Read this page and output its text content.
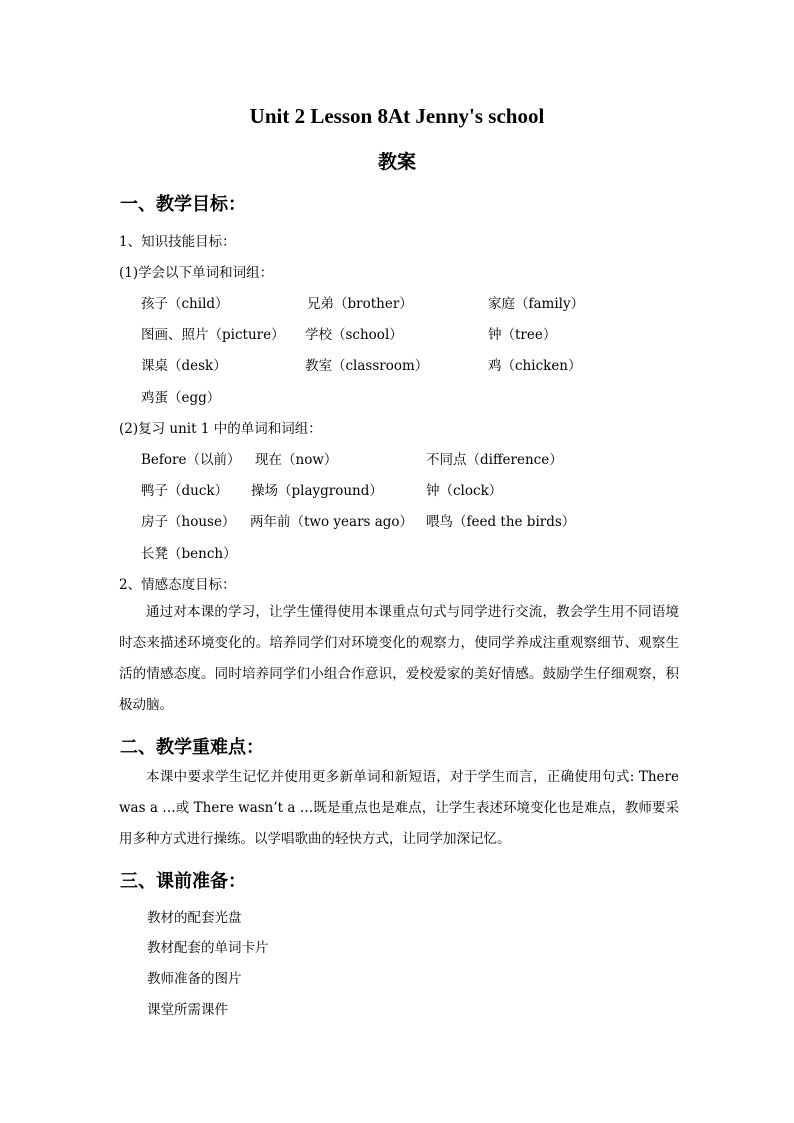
Unit 2 Lesson 8At Jenny's school
教案
一、教学目标：
1、知识技能目标：
(1)学会以下单词和词组：
孩子（child）	兄弟（brother）	家庭（family）
图画、照片（picture） 学校（school）	钟（tree）
课桌（desk）	教室（classroom）	鸡（chicken）
鸡蛋（egg）
(2)复习 unit 1 中的单词和词组：
Before（以前） 现在（now）	不同点（difference）
鸭子（duck） 操场（playground）	钟（clock）
房子（house） 两年前（two years ago） 喂鸟（feed the birds）
长凳（bench）
2、情感态度目标：
通过对本课的学习，让学生懂得使用本课重点句式与同学进行交流，教会学生用不同语境时态来描述环境变化的。培养同学们对环境变化的观察力，使同学养成注重观察细节、观察生活的情感态度。同时培养同学们小组合作意识，爱校爱家的美好情感。鼓励学生仔细观察，积极动脑。
二、教学重难点：
本课中要求学生记忆并使用更多新单词和新短语，对于学生而言，正确使用句式: There was a …或 There wasn’t a …既是重点也是难点，让学生表述环境变化也是难点，教师要采用多种方式进行操练。以学唱歌曲的轻快方式，让同学加深记忆。
三、课前准备：
教材的配套光盘
教材配套的单词卡片
教师准备的图片
课堂所需课件
